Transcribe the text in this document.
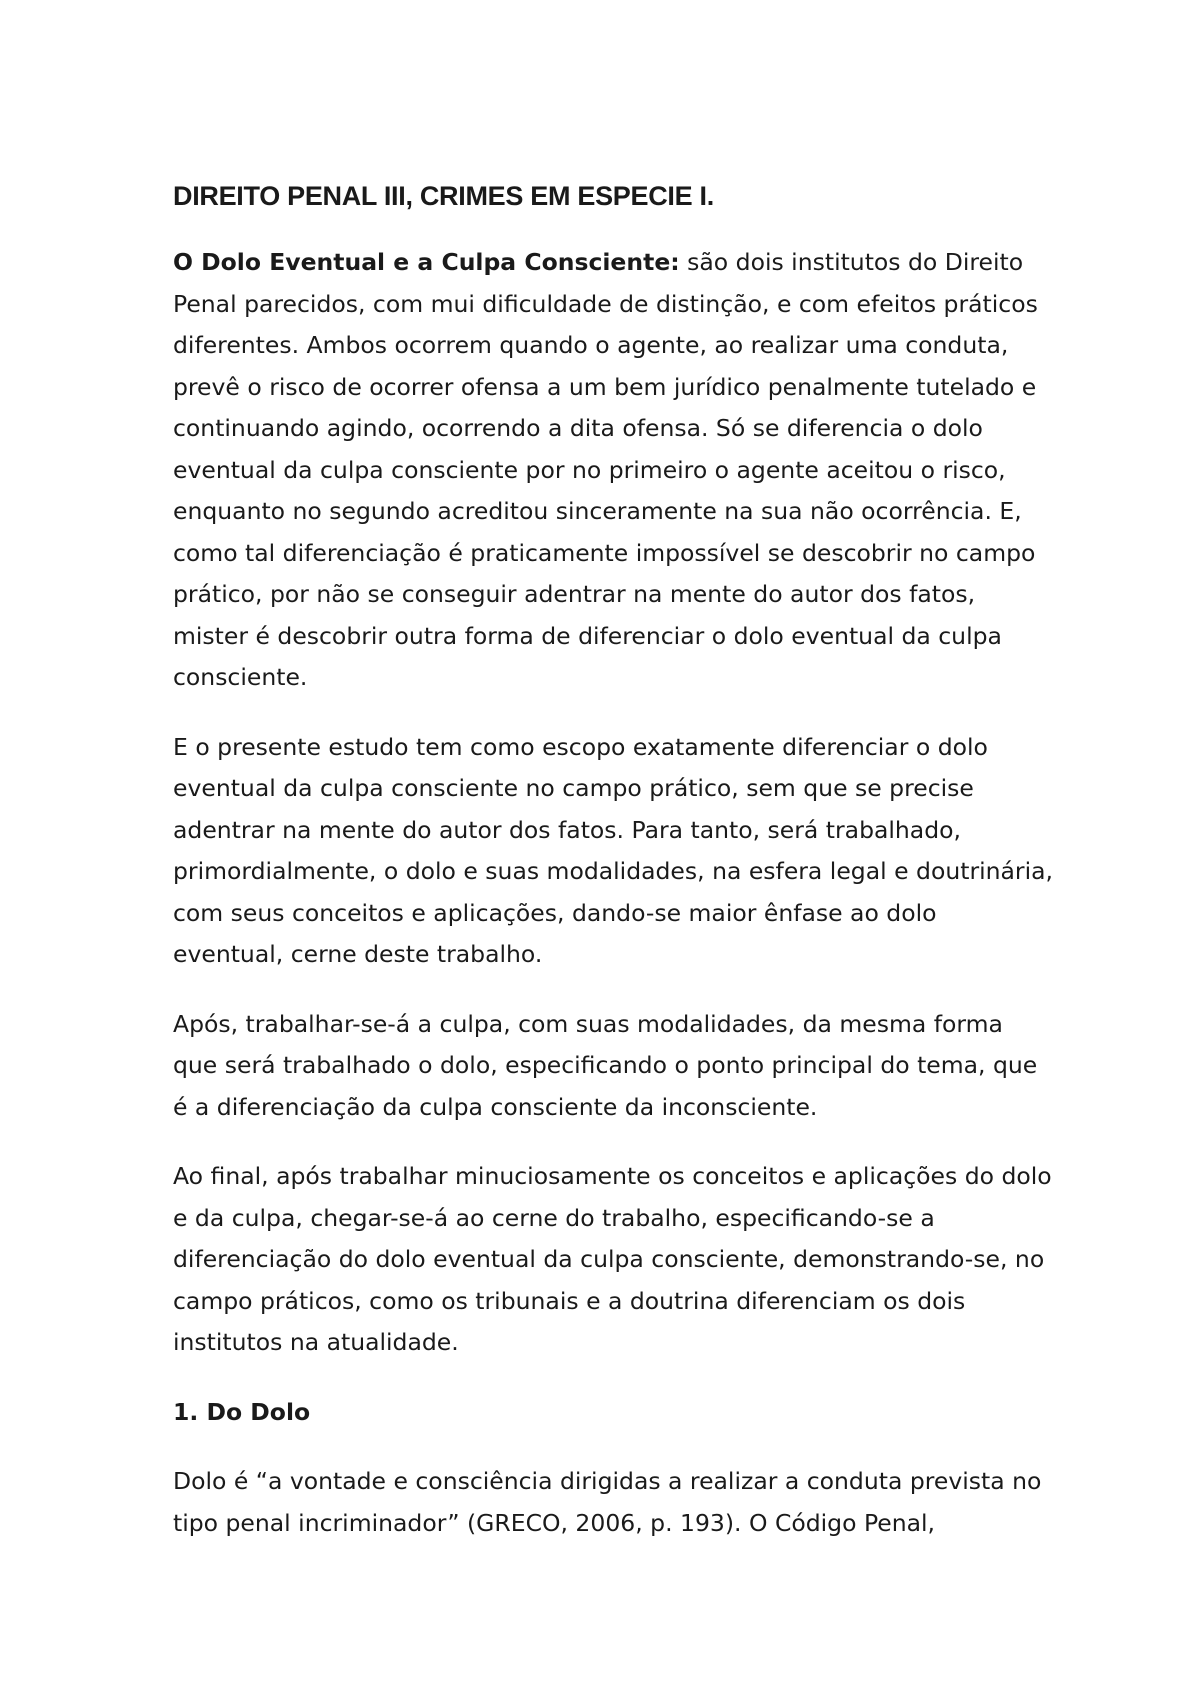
DIREITO PENAL III, CRIMES EM ESPECIE I.

O Dolo Eventual e a Culpa Consciente: são dois institutos do Direito Penal parecidos, com mui dificuldade de distinção, e com efeitos práticos diferentes. Ambos ocorrem quando o agente, ao realizar uma conduta, prevê o risco de ocorrer ofensa a um bem jurídico penalmente tutelado e continuando agindo, ocorrendo a dita ofensa. Só se diferencia o dolo eventual da culpa consciente por no primeiro o agente aceitou o risco, enquanto no segundo acreditou sinceramente na sua não ocorrência. E, como tal diferenciação é praticamente impossível se descobrir no campo prático, por não se conseguir adentrar na mente do autor dos fatos, mister é descobrir outra forma de diferenciar o dolo eventual da culpa consciente.

E o presente estudo tem como escopo exatamente diferenciar o dolo eventual da culpa consciente no campo prático, sem que se precise adentrar na mente do autor dos fatos. Para tanto, será trabalhado, primordialmente, o dolo e suas modalidades, na esfera legal e doutrinária, com seus conceitos e aplicações, dando-se maior ênfase ao dolo eventual, cerne deste trabalho.

Após, trabalhar-se-á a culpa, com suas modalidades, da mesma forma que será trabalhado o dolo, especificando o ponto principal do tema, que é a diferenciação da culpa consciente da inconsciente.

Ao final, após trabalhar minuciosamente os conceitos e aplicações do dolo e da culpa, chegar-se-á ao cerne do trabalho, especificando-se a diferenciação do dolo eventual da culpa consciente, demonstrando-se, no campo práticos, como os tribunais e a doutrina diferenciam os dois institutos na atualidade.

1. Do Dolo

Dolo é “a vontade e consciência dirigidas a realizar a conduta prevista no tipo penal incriminador” (GRECO, 2006, p. 193). O Código Penal,
